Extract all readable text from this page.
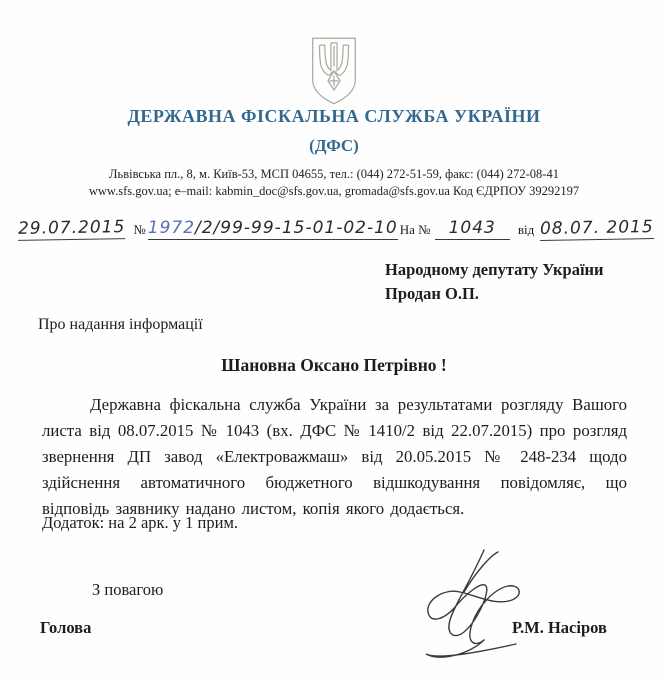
ДЕРЖАВНА ФІСКАЛЬНА СЛУЖБА УКРАЇНИ
(ДФС)
Львівська пл., 8, м. Київ-53, МСП 04655, тел.: (044) 272-51-59, факс: (044) 272-08-41
www.sfs.gov.ua; e–mail: kabmin_doc@sfs.gov.ua, gromada@sfs.gov.ua Код ЄДРПОУ 39292197
29.07.2015 № 1972/2/99-99-15-01-02-10 На №	1043	від 08.07. 2015
Народному депутату України
Продан О.П.
Про надання інформації
Шановна Оксано Петрівно !
Державна фіскальна служба України за результатами розгляду Вашого листа від 08.07.2015 № 1043 (вх. ДФС № 1410/2 від 22.07.2015) про розгляд звернення ДП завод «Електроважмаш» від 20.05.2015 № 248-234 щодо здійснення автоматичного бюджетного відшкодування повідомляє, що відповідь заявнику надано листом, копія якого додається.
Додаток: на 2 арк. у 1 прим.
З повагою
Голова	Р.М. Насіров
